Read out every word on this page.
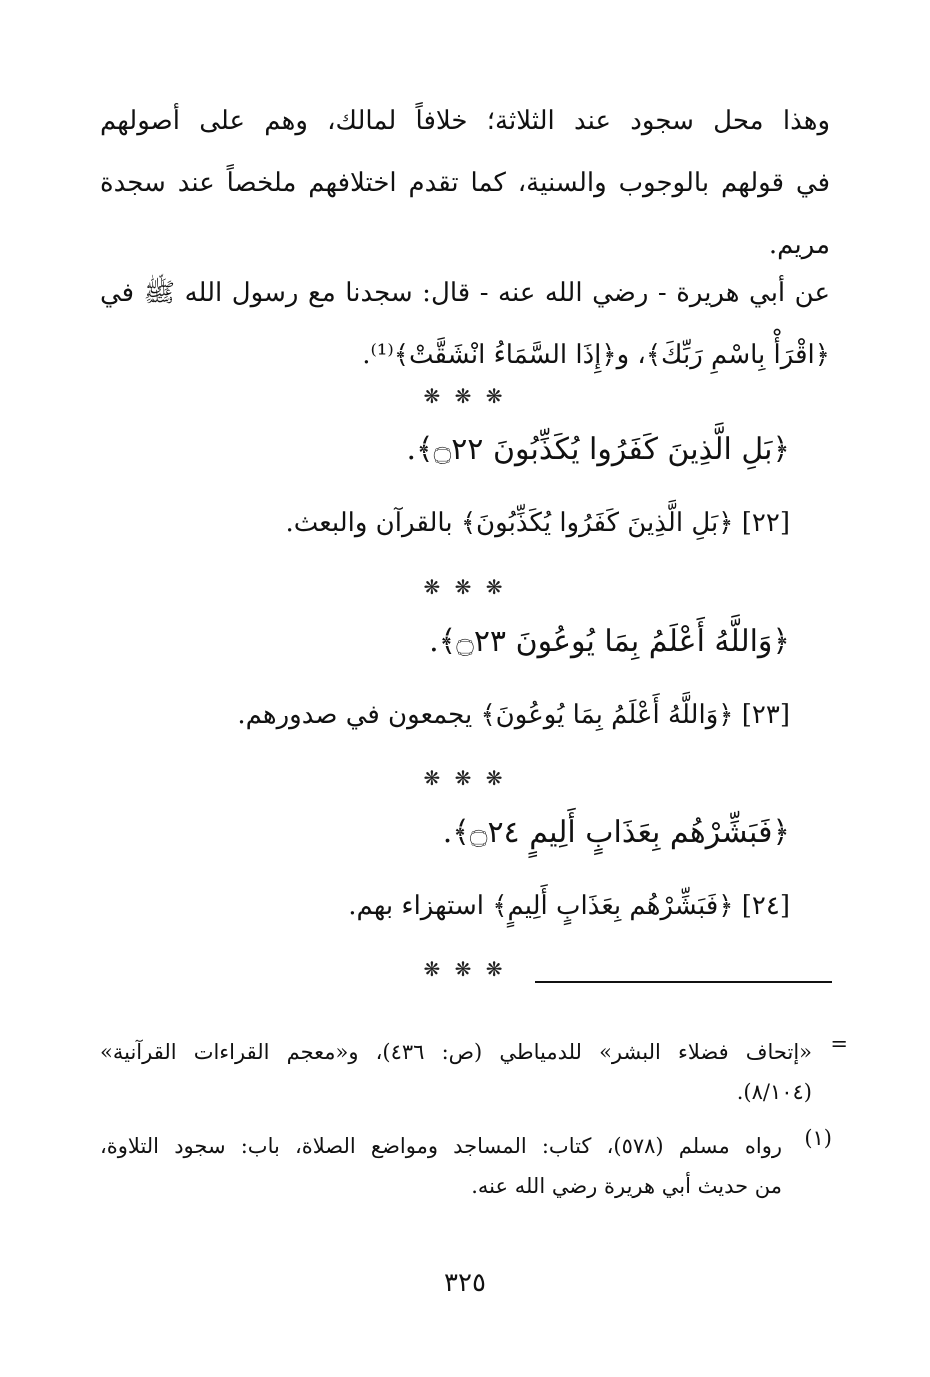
وهذا محل سجود عند الثلاثة؛ خلافاً لمالك، وهم على أصولهم
في قولهم بالوجوب والسنية، كما تقدم اختلافهم ملخصاً عند سجدة
مريم.
عن أبي هريرة - رضي الله عنه - قال: سجدنا مع رسول الله ﷺ في
﴿اقْرَأْ بِاسْمِ رَبِّكَ﴾، و﴿إِذَا السَّمَاءُ انْشَقَّتْ﴾⁽¹⁾.
❋ ❋ ❋
﴿بَلِ الَّذِينَ كَفَرُوا يُكَذِّبُونَ ۝٢٢﴾.
[٢٢] ﴿بَلِ الَّذِينَ كَفَرُوا يُكَذِّبُونَ﴾ بالقرآن والبعث.
❋ ❋ ❋
﴿وَاللَّهُ أَعْلَمُ بِمَا يُوعُونَ ۝٢٣﴾.
[٢٣] ﴿وَاللَّهُ أَعْلَمُ بِمَا يُوعُونَ﴾ يجمعون في صدورهم.
❋ ❋ ❋
﴿فَبَشِّرْهُم بِعَذَابٍ أَلِيمٍ ۝٢٤﴾.
[٢٤] ﴿فَبَشِّرْهُم بِعَذَابٍ أَلِيمٍ﴾ استهزاء بهم.
❋ ❋ ❋
=
«إتحاف فضلاء البشر» للدمياطي (ص: ٤٣٦)، و«معجم القراءات القرآنية»
(٨/١٠٤).
(١)
رواه مسلم (٥٧٨)، كتاب: المساجد ومواضع الصلاة، باب: سجود التلاوة،
من حديث أبي هريرة رضي الله عنه.
٣٢٥
